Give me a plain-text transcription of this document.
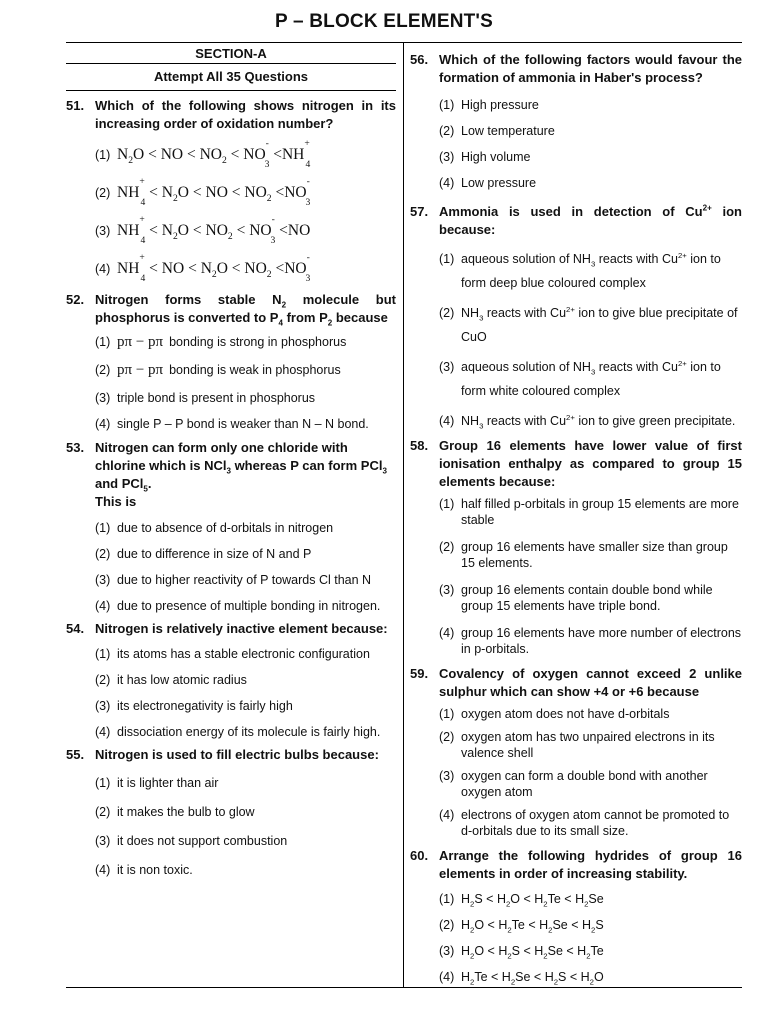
P – BLOCK ELEMENT'S
SECTION-A
Attempt All 35 Questions
51. Which of the following shows nitrogen in its increasing order of oxidation number?
(1) $N_2O$ < NO < $NO_2 < NO^-_3 <NH^+_4$
(2) $NH^+_4 < N_2O$ < NO < $NO_2 <NO^-_3$
(3) $NH^+_4 < N_2O < NO_2 < NO^-_3 <NO$
(4) $NH^+_4$ < NO < $N_2O < NO_2 <NO^-_3$
52. Nitrogen forms stable $N_2$ molecule but phosphorus is converted to $P_4$ from $P_2$ because
(1) pπ − pπ bonding is strong in phosphorus
(2) pπ − pπ bonding is weak in phosphorus
(3) triple bond is present in phosphorus
(4) single P – P bond is weaker than N – N bond.
53. Nitrogen can form only one chloride with chlorine which is NCl$_3$ whereas P can form PCl$_3$ and PCl$_5$.
This is
(1) due to absence of d-orbitals in nitrogen
(2) due to difference in size of N and P
(3) due to higher reactivity of P towards Cl than N
(4) due to presence of multiple bonding in nitrogen.
54. Nitrogen is relatively inactive element because:
(1) its atoms has a stable electronic configuration
(2) it has low atomic radius
(3) its electronegativity is fairly high
(4) dissociation energy of its molecule is fairly high.
55. Nitrogen is used to fill electric bulbs because:
(1) it is lighter than air
(2) it makes the bulb to glow
(3) it does not support combustion
(4) it is non toxic.
56. Which of the following factors would favour the formation of ammonia in Haber's process?
(1) High pressure
(2) Low temperature
(3) High volume
(4) Low pressure
57. Ammonia is used in detection of $Cu^{2+}$ ion because:
(1) aqueous solution of $NH_3$ reacts with $Cu^{2+}$ ion to form deep blue coloured complex
(2) $NH_3$ reacts with $Cu^{2+}$ ion to give blue precipitate of CuO
(3) aqueous solution of $NH_3$ reacts with $Cu^{2+}$ ion to form white coloured complex
(4) $NH_3$ reacts with $Cu^{2+}$ ion to give green precipitate.
58. Group 16 elements have lower value of first ionisation enthalpy as compared to group 15 elements because:
(1) half filled p-orbitals in group 15 elements are more stable
(2) group 16 elements have smaller size than group 15 elements.
(3) group 16 elements contain double bond while group 15 elements have triple bond.
(4) group 16 elements have more number of electrons in p-orbitals.
59. Covalency of oxygen cannot exceed 2 unlike sulphur which can show +4 or +6 because
(1) oxygen atom does not have d-orbitals
(2) oxygen atom has two unpaired electrons in its valence shell
(3) oxygen can form a double bond with another oxygen atom
(4) electrons of oxygen atom cannot be promoted to d-orbitals due to its small size.
60. Arrange the following hydrides of group 16 elements in order of increasing stability.
(1) $H_2S < H_2O < H_2Te < H_2Se$
(2) $H_2O < H_2Te < H_2Se < H_2S$
(3) $H_2O < H_2S < H_2Se < H_2Te$
(4) $H_2Te < H_2Se < H_2S < H_2O$
